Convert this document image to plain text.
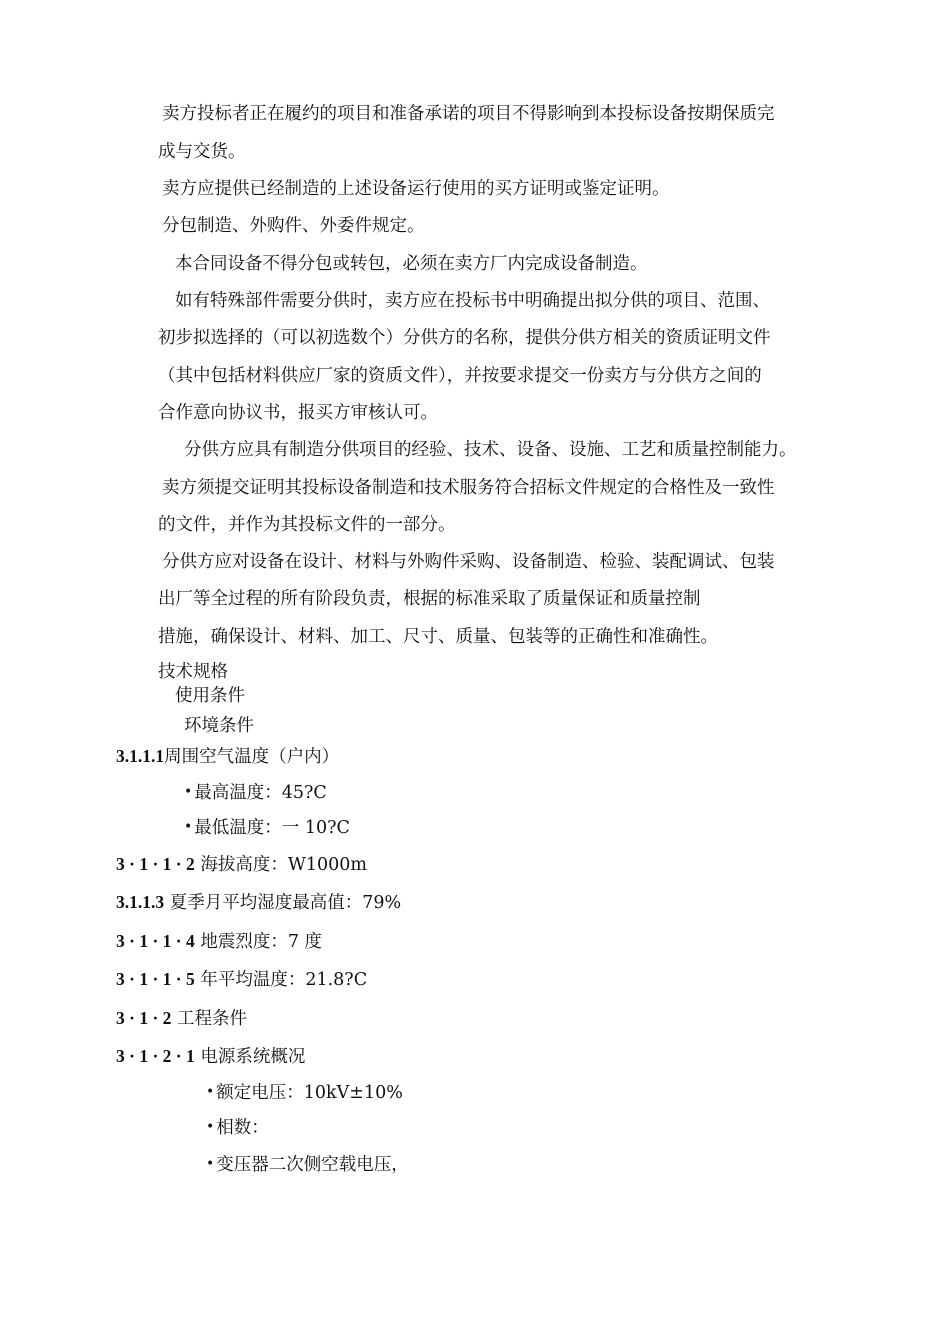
卖方投标者正在履约的项目和准备承诺的项目不得影响到本投标设备按期保质完
成与交货。
卖方应提供已经制造的上述设备运行使用的买方证明或鉴定证明。
分包制造、外购件、外委件规定。
本合同设备不得分包或转包，必须在卖方厂内完成设备制造。
如有特殊部件需要分供时，卖方应在投标书中明确提出拟分供的项目、范围、
初步拟选择的（可以初选数个）分供方的名称，提供分供方相关的资质证明文件
（其中包括材料供应厂家的资质文件），并按要求提交一份卖方与分供方之间的
合作意向协议书，报买方审核认可。
分供方应具有制造分供项目的经验、技术、设备、设施、工艺和质量控制能力。
卖方须提交证明其投标设备制造和技术服务符合招标文件规定的合格性及一致性
的文件，并作为其投标文件的一部分。
分供方应对设备在设计、材料与外购件采购、设备制造、检验、装配调试、包装
出厂等全过程的所有阶段负责，根据的标准采取了质量保证和质量控制
措施，确保设计、材料、加工、尺寸、质量、包装等的正确性和准确性。
技术规格
使用条件
环境条件
3.1.1.1周围空气温度（户内）
• 最高温度：45?C
• 最低温度：一 10?C
3 · 1 · 1 · 2 海拔高度：W1000m
3.1.1.3 夏季月平均湿度最高值：79%
3 · 1 · 1 · 4 地震烈度：7 度
3 · 1 · 1 · 5 年平均温度：21.8?C
3 · 1 · 2 工程条件
3 · 1 · 2 · 1 电源系统概况
• 额定电压：10kV±10%
• 相数：
• 变压器二次侧空载电压，
